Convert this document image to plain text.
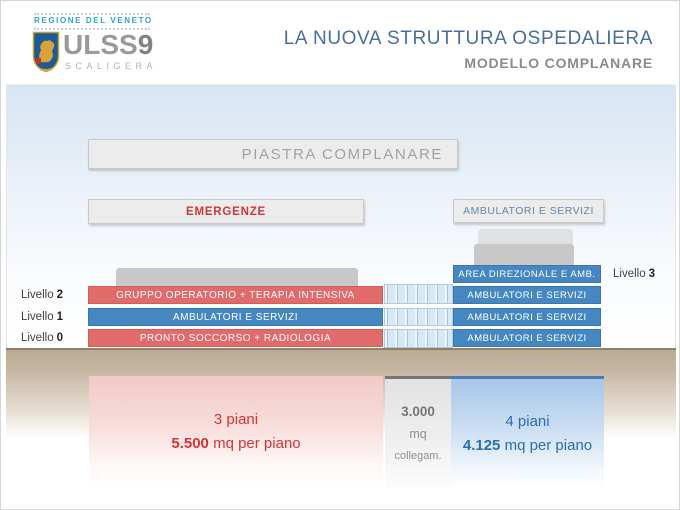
REGIONE DEL VENETO
ULSS9
SCALIGERA
LA NUOVA STRUTTURA OSPEDALIERA
MODELLO COMPLANARE
PIASTRA COMPLANARE
EMERGENZE	AMBULATORI E SERVIZI
Livello 2
Livello 1
Livello 0
Livello 3
GRUPPO OPERATORIO + TERAPIA INTENSIVA
AMBULATORI E SERVIZI
PRONTO SOCCORSO + RADIOLOGIA
AREA DIREZIONALE E AMB.
AMBULATORI E SERVIZI
AMBULATORI E SERVIZI
AMBULATORI E SERVIZI
3 piani
5.500 mq per piano
3.000
mq
collegam.
4 piani
4.125 mq per piano
